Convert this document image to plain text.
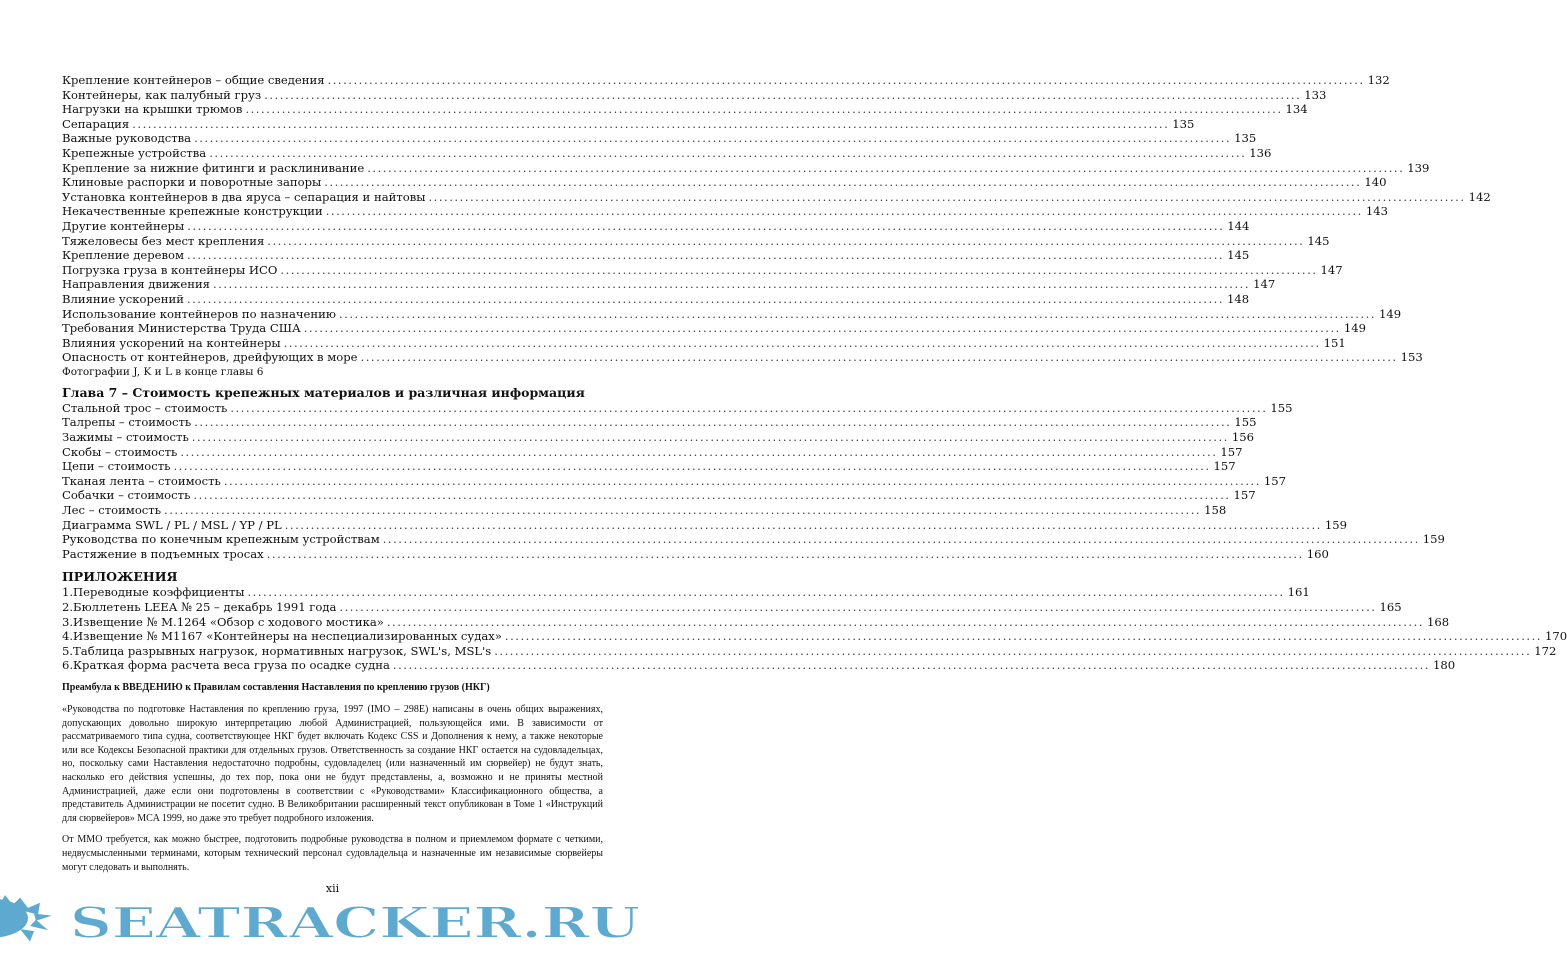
Крепление контейнеров – общие сведения .....	132
Контейнеры, как палубный груз .....	133
Нагрузки на крышки трюмов .....	134
Сепарация .....	135
Важные руководства .....	135
Крепежные устройства .....	136
Крепление за нижние фитинги и расклинивание .....	139
Клиновые распорки и поворотные запоры .....	140
Установка контейнеров в два яруса – сепарация и найтовы .....	142
Некачественные крепежные конструкции .....	143
Другие контейнеры .....	144
Тяжеловесы без мест крепления .....	145
Крепление деревом .....	145
Погрузка груза в контейнеры ИСО .....	147
Направления движения .....	147
Влияние ускорений .....	148
Использование контейнеров по назначению .....	149
Требования Министерства Труда США .....	149
Влияния ускорений на контейнеры .....	151
Опасность от контейнеров, дрейфующих в море .....	153
Фотографии J, K и L в конце главы 6
Глава 7 – Стоимость крепежных материалов и различная информация
Стальной трос – стоимость .....	155
Талрепы – стоимость .....	155
Зажимы – стоимость .....	156
Скобы – стоимость .....	157
Цепи – стоимость .....	157
Тканая лента – стоимость .....	157
Собачки – стоимость .....	157
Лес – стоимость .....	158
Диаграмма SWL / PL / MSL / YP / PL .....	159
Руководства по конечным крепежным устройствам .....	159
Растяжение в подъемных тросах .....	160
ПРИЛОЖЕНИЯ
1.Переводные коэффициенты .....	161
2.Бюллетень LEEA № 25 – декабрь 1991 года .....	165
3.Извещение № M.1264 «Обзор с ходового мостика» .....	168
4.Извещение № M1167 «Контейнеры на неспециализированных судах» .....	170
5.Таблица разрывных нагрузок, нормативных нагрузок, SWL's, MSL's .....	172
6.Краткая форма расчета веса груза по осадке судна .....	180

Преамбула к ВВЕДЕНИЮ к Правилам составления Наставления по креплению грузов (НКГ)

«Руководства по подготовке Наставления по креплению груза, 1997 (IMO – 298E) написаны в очень общих выражениях, допускающих довольно широкую интерпретацию любой Администрацией, пользующейся ими. В зависимости от рассматриваемого типа судна, соответствующее НКГ будет включать Кодекс CSS и Дополнения к нему, а также некоторые или все Кодексы Безопасной практики для отдельных грузов. Ответственность за создание НКГ остается на судовладельцах, но, поскольку сами Наставления недостаточно подробны, судовладелец (или назначенный им сюрвейер) не будут знать, насколько его действия успешны, до тех пор, пока они не будут представлены, а, возможно и не приняты местной Администрацией, даже если они подготовлены в соответствии с «Руководствами» Классификационного общества, а представитель Администрации не посетит судно. В Великобритании расширенный текст опубликован в Томе 1 «Инструкций для сюрвейеров» MCA 1999, но даже это требует подробного изложения.

От ММО требуется, как можно быстрее, подготовить подробные руководства в полном и приемлемом формате с четкими, недвусмысленными терминами, которым технический персонал судовладельца и назначенные им независимые сюрвейеры могут следовать и выполнять.

xii
SEATRACKER.RU
